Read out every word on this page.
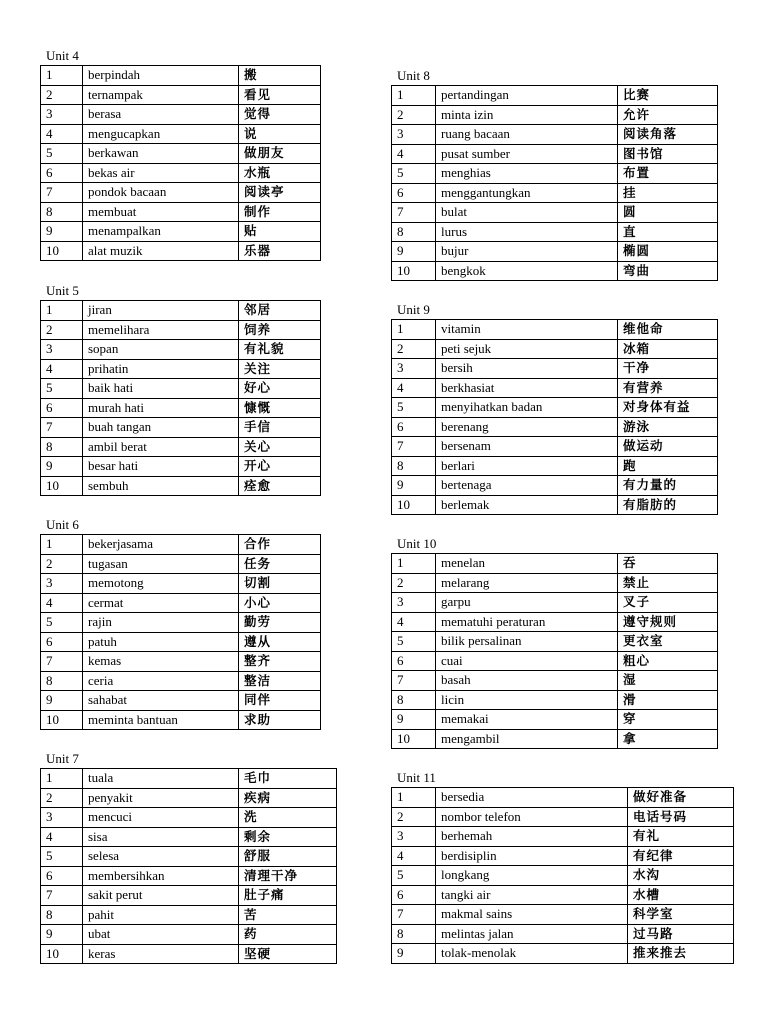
Unit 4
1	berpindah	搬
2	ternampak	看见
3	berasa	觉得
4	mengucapkan	说
5	berkawan	做朋友
6	bekas air	水瓶
7	pondok bacaan	阅读亭
8	membuat	制作
9	menampalkan	贴
10	alat muzik	乐器
Unit 5
1	jiran	邻居
2	memelihara	饲养
3	sopan	有礼貌
4	prihatin	关注
5	baik hati	好心
6	murah hati	慷慨
7	buah tangan	手信
8	ambil berat	关心
9	besar hati	开心
10	sembuh	痊愈
Unit 6
1	bekerjasama	合作
2	tugasan	任务
3	memotong	切割
4	cermat	小心
5	rajin	勤劳
6	patuh	遵从
7	kemas	整齐
8	ceria	整洁
9	sahabat	同伴
10	meminta bantuan	求助
Unit 7
1	tuala	毛巾
2	penyakit	疾病
3	mencuci	洗
4	sisa	剩余
5	selesa	舒服
6	membersihkan	清理干净
7	sakit perut	肚子痛
8	pahit	苦
9	ubat	药
10	keras	坚硬
Unit 8
1	pertandingan	比赛
2	minta izin	允许
3	ruang bacaan	阅读角落
4	pusat sumber	图书馆
5	menghias	布置
6	menggantungkan	挂
7	bulat	圆
8	lurus	直
9	bujur	椭圆
10	bengkok	弯曲
Unit 9
1	vitamin	维他命
2	peti sejuk	冰箱
3	bersih	干净
4	berkhasiat	有营养
5	menyihatkan badan	对身体有益
6	berenang	游泳
7	bersenam	做运动
8	berlari	跑
9	bertenaga	有力量的
10	berlemak	有脂肪的
Unit 10
1	menelan	吞
2	melarang	禁止
3	garpu	叉子
4	mematuhi peraturan	遵守规则
5	bilik persalinan	更衣室
6	cuai	粗心
7	basah	湿
8	licin	滑
9	memakai	穿
10	mengambil	拿
Unit 11
1	bersedia	做好准备
2	nombor telefon	电话号码
3	berhemah	有礼
4	berdisiplin	有纪律
5	longkang	水沟
6	tangki air	水槽
7	makmal sains	科学室
8	melintas jalan	过马路
9	tolak-menolak	推来推去
